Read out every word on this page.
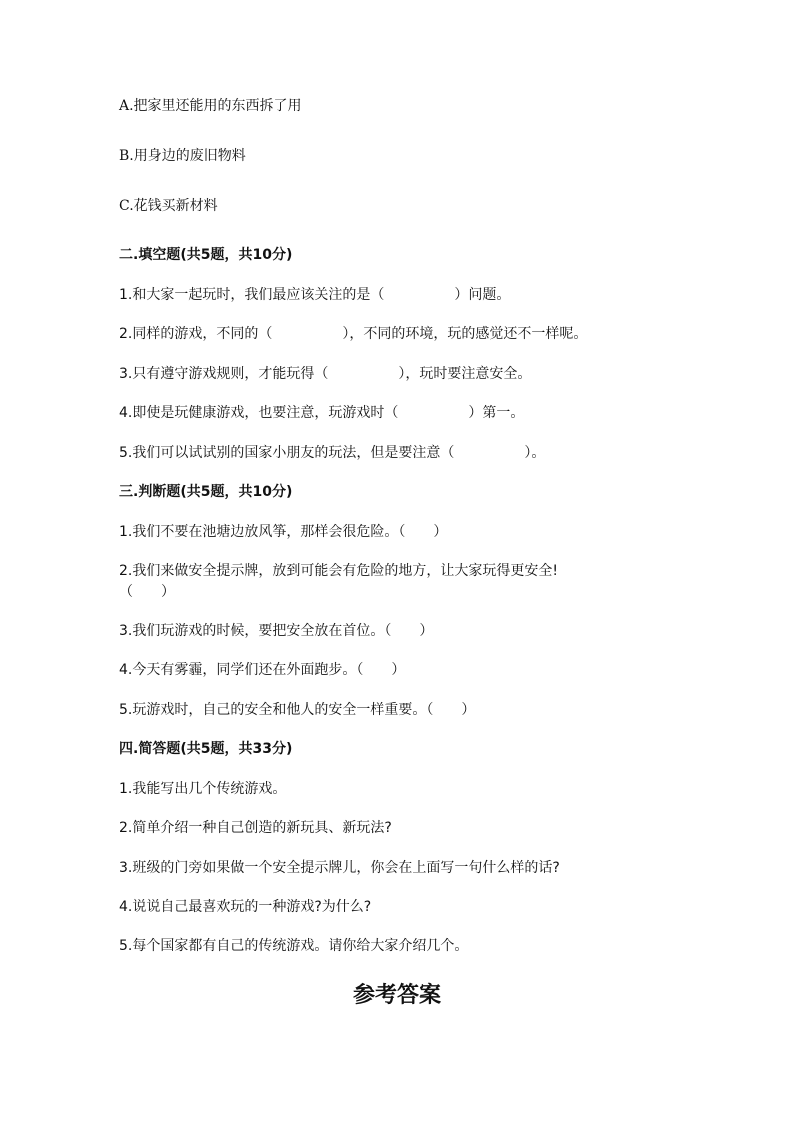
A.把家里还能用的东西拆了用

B.用身边的废旧物料

C.花钱买新材料

二.填空题(共5题，共10分)

1.和大家一起玩时，我们最应该关注的是（　　　　　）问题。

2.同样的游戏，不同的（　　　　　），不同的环境，玩的感觉还不一样呢。

3.只有遵守游戏规则，才能玩得（　　　　　），玩时要注意安全。

4.即使是玩健康游戏，也要注意，玩游戏时（　　　　　）第一。

5.我们可以试试别的国家小朋友的玩法，但是要注意（　　　　　）。

三.判断题(共5题，共10分)

1.我们不要在池塘边放风筝，那样会很危险。（　　）

2.我们来做安全提示牌，放到可能会有危险的地方，让大家玩得更安全!

（　　）

3.我们玩游戏的时候，要把安全放在首位。（　　）

4.今天有雾霾，同学们还在外面跑步。（　　）

5.玩游戏时，自己的安全和他人的安全一样重要。（　　）

四.简答题(共5题，共33分)

1.我能写出几个传统游戏。

2.简单介绍一种自己创造的新玩具、新玩法?

3.班级的门旁如果做一个安全提示牌儿，你会在上面写一句什么样的话?

4.说说自己最喜欢玩的一种游戏?为什么?

5.每个国家都有自己的传统游戏。请你给大家介绍几个。

参考答案
